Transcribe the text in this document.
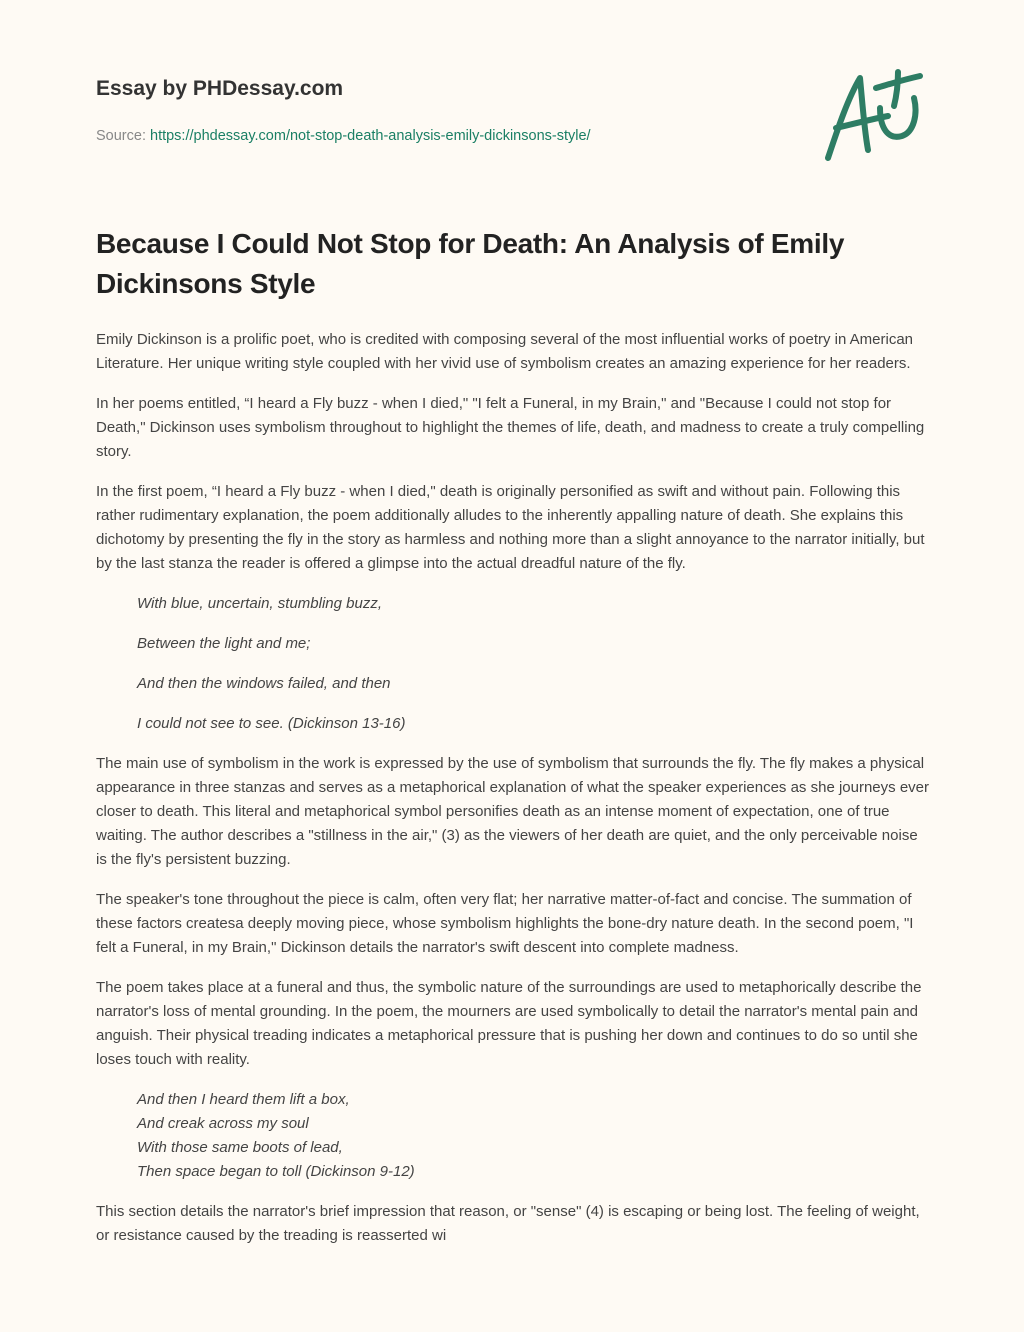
Essay by PHDessay.com

Source: https://phdessay.com/not-stop-death-analysis-emily-dickinsons-style/

Because I Could Not Stop for Death: An Analysis of Emily Dickinsons Style

Emily Dickinson is a prolific poet, who is credited with composing several of the most influential works of poetry in American Literature. Her unique writing style coupled with her vivid use of symbolism creates an amazing experience for her readers.

In her poems entitled, “I heard a Fly buzz - when I died," "I felt a Funeral, in my Brain," and "Because I could not stop for Death," Dickinson uses symbolism throughout to highlight the themes of life, death, and madness to create a truly compelling story.

In the first poem, “I heard a Fly buzz - when I died," death is originally personified as swift and without pain. Following this rather rudimentary explanation, the poem additionally alludes to the inherently appalling nature of death. She explains this dichotomy by presenting the fly in the story as harmless and nothing more than a slight annoyance to the narrator initially, but by the last stanza the reader is offered a glimpse into the actual dreadful nature of the fly.

With blue, uncertain, stumbling buzz,

Between the light and me;

And then the windows failed, and then

I could not see to see. (Dickinson 13-16)

The main use of symbolism in the work is expressed by the use of symbolism that surrounds the fly. The fly makes a physical appearance in three stanzas and serves as a metaphorical explanation of what the speaker experiences as she journeys ever closer to death. This literal and metaphorical symbol personifies death as an intense moment of expectation, one of true waiting. The author describes a "stillness in the air," (3) as the viewers of her death are quiet, and the only perceivable noise is the fly's persistent buzzing.

The speaker's tone throughout the piece is calm, often very flat; her narrative matter-of-fact and concise. The summation of these factors createsa deeply moving piece, whose symbolism highlights the bone-dry nature death. In the second poem, "I felt a Funeral, in my Brain," Dickinson details the narrator's swift descent into complete madness.

The poem takes place at a funeral and thus, the symbolic nature of the surroundings are used to metaphorically describe the narrator's loss of mental grounding. In the poem, the mourners are used symbolically to detail the narrator's mental pain and anguish. Their physical treading indicates a metaphorical pressure that is pushing her down and continues to do so until she loses touch with reality.

And then I heard them lift a box,
And creak across my soul
With those same boots of lead,
Then space began to toll (Dickinson 9-12)

This section details the narrator's brief impression that reason, or "sense" (4) is escaping or being lost. The feeling of weight, or resistance caused by the treading is reasserted wi
